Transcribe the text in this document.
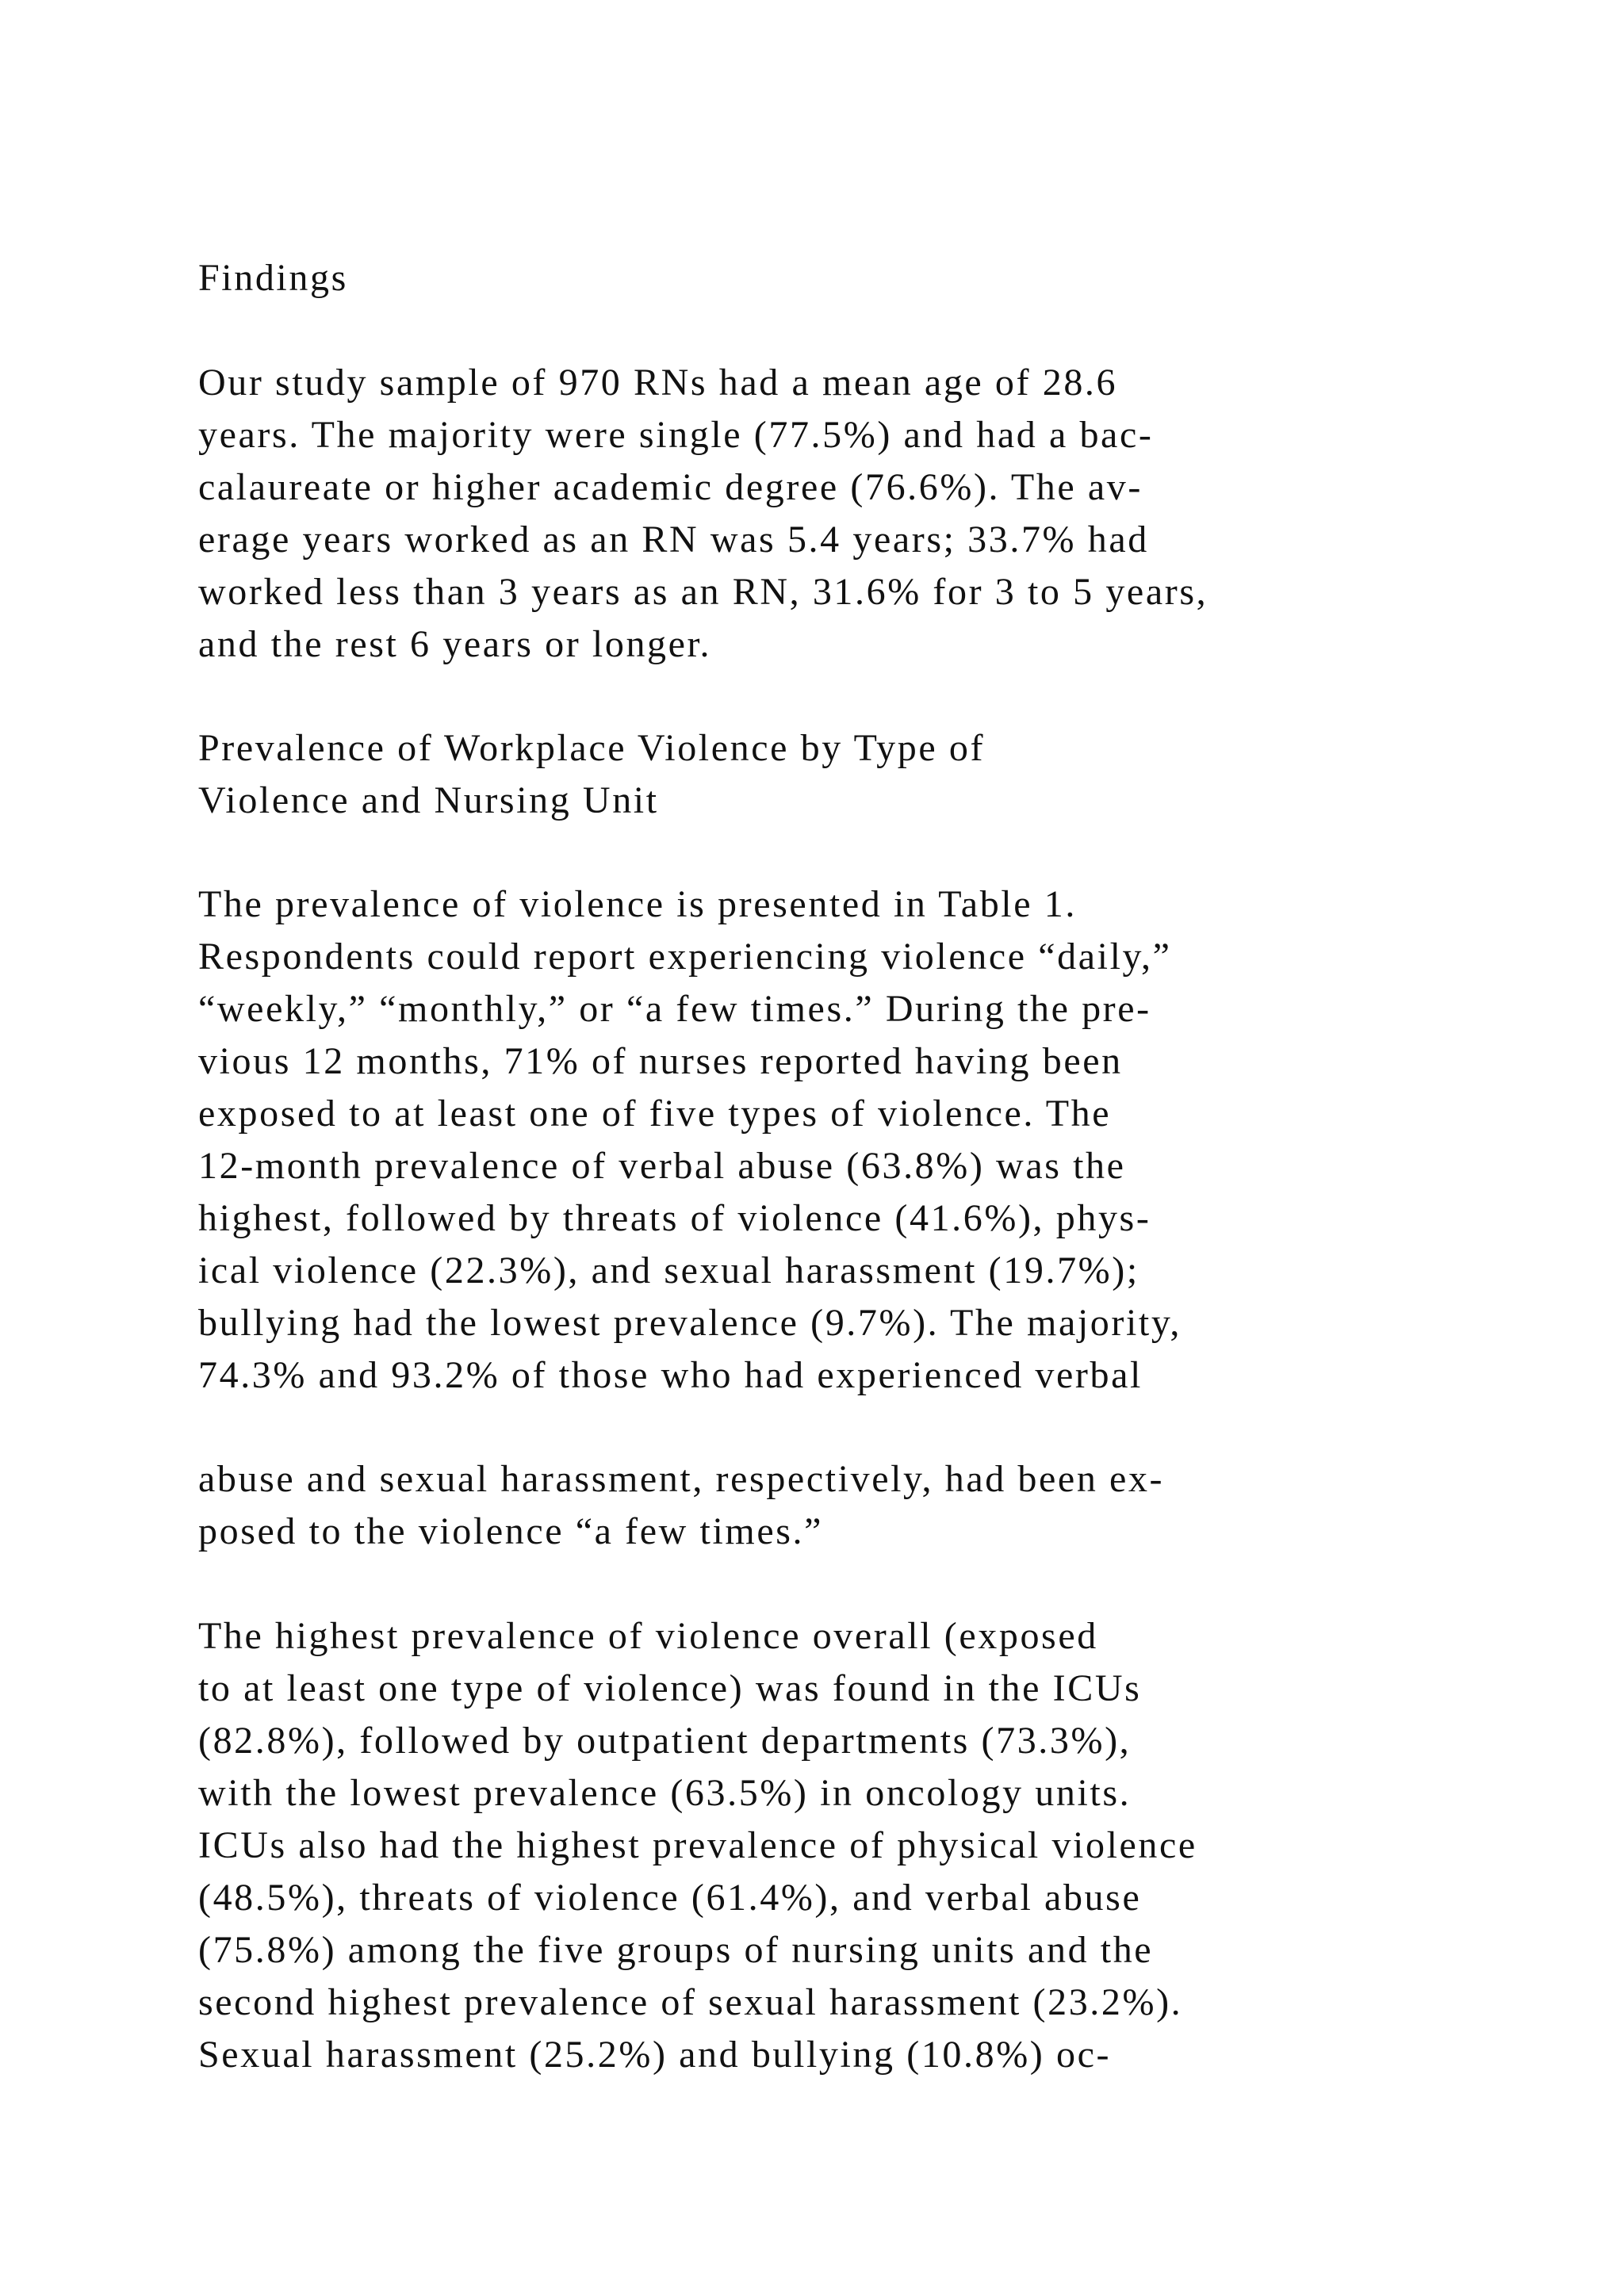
Findings

Our study sample of 970 RNs had a mean age of 28.6

years. The majority were single (77.5%) and had a bac-

calaureate or higher academic degree (76.6%). The av-

erage years worked as an RN was 5.4 years; 33.7% had

worked less than 3 years as an RN, 31.6% for 3 to 5 years,

and the rest 6 years or longer.

Prevalence of Workplace Violence by Type of

Violence and Nursing Unit

The prevalence of violence is presented in Table 1.

Respondents could report experiencing violence “daily,”

“weekly,” “monthly,” or “a few times.” During the pre-

vious 12 months, 71% of nurses reported having been

exposed to at least one of five types of violence. The

12-month prevalence of verbal abuse (63.8%) was the

highest, followed by threats of violence (41.6%), phys-

ical violence (22.3%), and sexual harassment (19.7%);

bullying had the lowest prevalence (9.7%). The majority,

74.3% and 93.2% of those who had experienced verbal

abuse and sexual harassment, respectively, had been ex-

posed to the violence “a few times.”

The highest prevalence of violence overall (exposed

to at least one type of violence) was found in the ICUs

(82.8%), followed by outpatient departments (73.3%),

with the lowest prevalence (63.5%) in oncology units.

ICUs also had the highest prevalence of physical violence

(48.5%), threats of violence (61.4%), and verbal abuse

(75.8%) among the five groups of nursing units and the

second highest prevalence of sexual harassment (23.2%).

Sexual harassment (25.2%) and bullying (10.8%) oc-
